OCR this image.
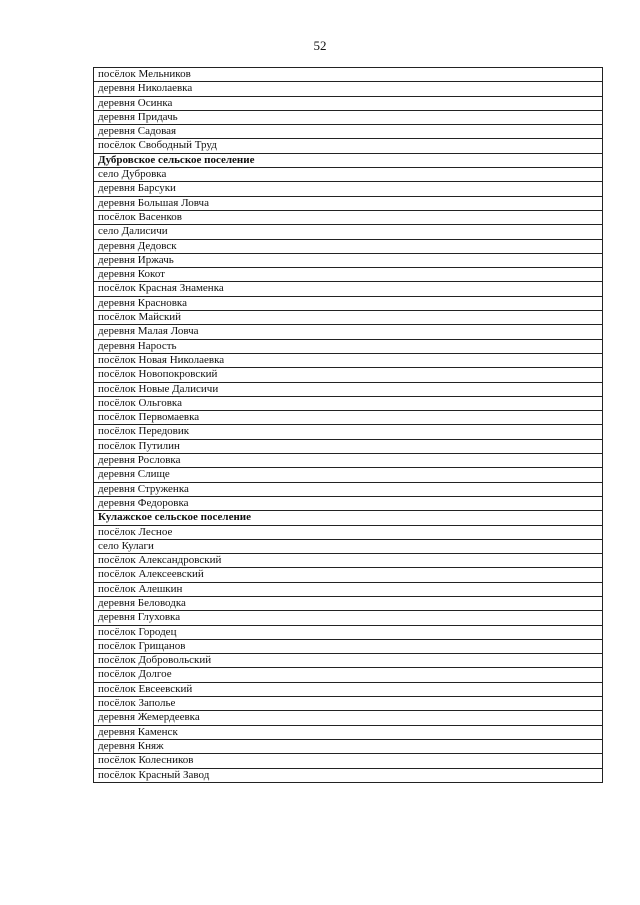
52
посёлок Мельников
деревня Николаевка
деревня Осинка
деревня Придачь
деревня Садовая
посёлок Свободный Труд
Дубровское сельское поселение
село Дубровка
деревня Барсуки
деревня Большая Ловча
посёлок Васенков
село Далисичи
деревня Дедовск
деревня Иржачь
деревня Кокот
посёлок Красная Знаменка
деревня Красновка
посёлок Майский
деревня Малая Ловча
деревня Нарость
посёлок Новая Николаевка
посёлок Новопокровский
посёлок Новые Далисичи
посёлок Ольговка
посёлок Первомаевка
посёлок Передовик
посёлок Путилин
деревня Рословка
деревня Слище
деревня Струженка
деревня Федоровка
Кулажское сельское поселение
посёлок Лесное
село Кулаги
посёлок Александровский
посёлок Алексеевский
посёлок Алешкин
деревня Беловодка
деревня Глуховка
посёлок Городец
посёлок Грищанов
посёлок Добровольский
посёлок Долгое
посёлок Евсеевский
посёлок Заполье
деревня Жемердеевка
деревня Каменск
деревня Княж
посёлок Колесников
посёлок Красный Завод
